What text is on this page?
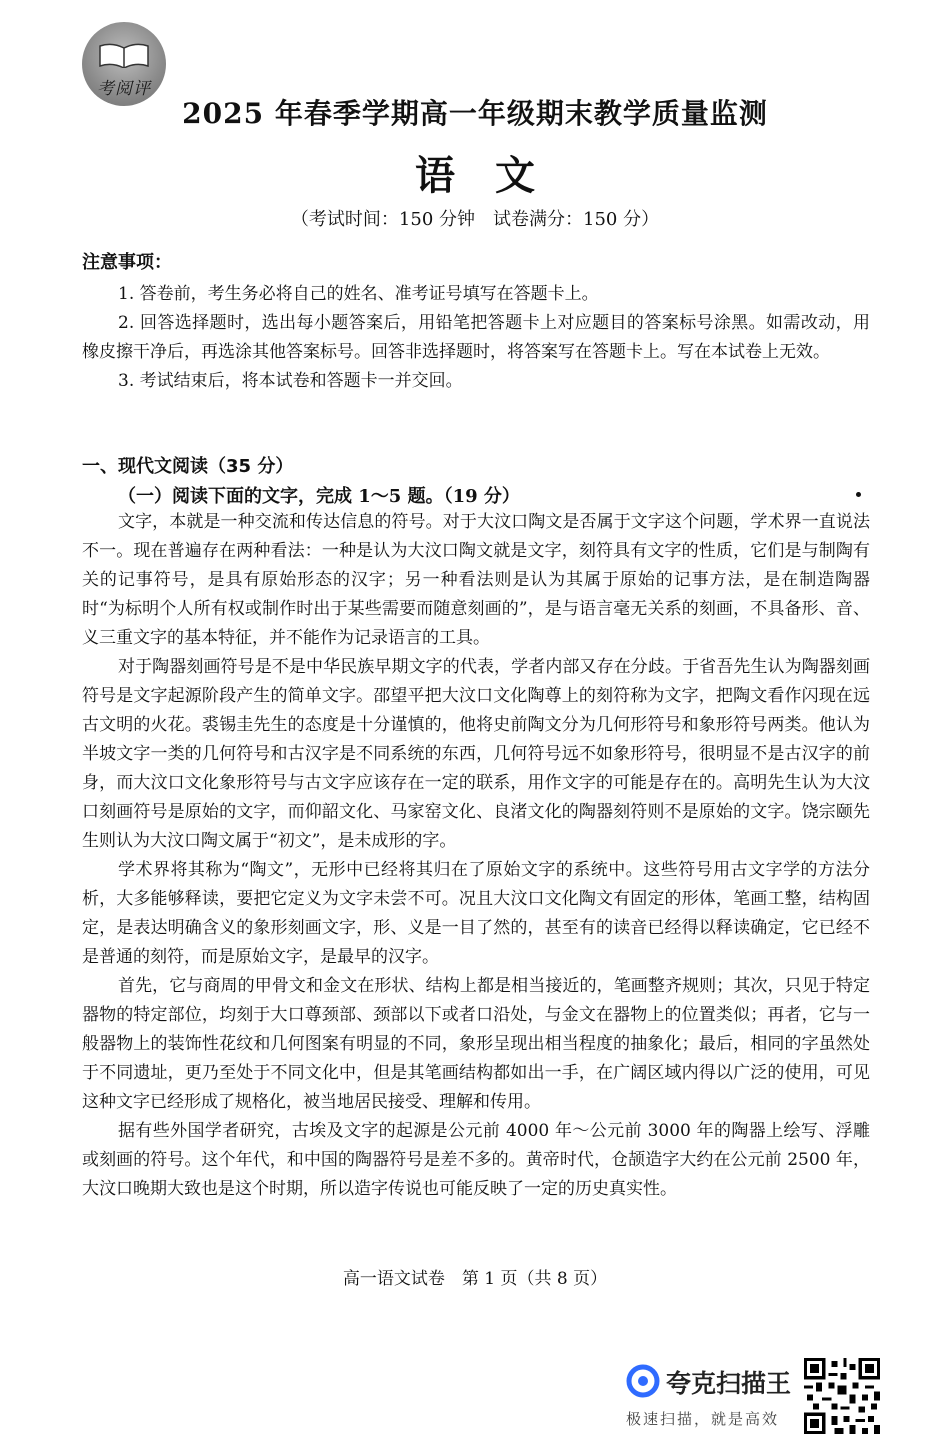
考阅评
2025 年春季学期高一年级期末教学质量监测
语文
（考试时间：150 分钟　试卷满分：150 分）
注意事项：

1. 答卷前，考生务必将自己的姓名、准考证号填写在答题卡上。

2. 回答选择题时，选出每小题答案后，用铅笔把答题卡上对应题目的答案标号涂黑。如需改动，用橡皮擦干净后，再选涂其他答案标号。回答非选择题时，将答案写在答题卡上。写在本试卷上无效。

3. 考试结束后，将本试卷和答题卡一并交回。

一、现代文阅读（35 分）
（一）阅读下面的文字，完成 1～5 题。（19 分）

文字，本就是一种交流和传达信息的符号。对于大汶口陶文是否属于文字这个问题，学术界一直说法不一。现在普遍存在两种看法：一种是认为大汶口陶文就是文字，刻符具有文字的性质，它们是与制陶有关的记事符号，是具有原始形态的汉字；另一种看法则是认为其属于原始的记事方法，是在制造陶器时“为标明个人所有权或制作时出于某些需要而随意刻画的”，是与语言毫无关系的刻画，不具备形、音、义三重文字的基本特征，并不能作为记录语言的工具。

对于陶器刻画符号是不是中华民族早期文字的代表，学者内部又存在分歧。于省吾先生认为陶器刻画符号是文字起源阶段产生的简单文字。邵望平把大汶口文化陶尊上的刻符称为文字，把陶文看作闪现在远古文明的火花。裘锡圭先生的态度是十分谨慎的，他将史前陶文分为几何形符号和象形符号两类。他认为半坡文字一类的几何符号和古汉字是不同系统的东西，几何符号远不如象形符号，很明显不是古汉字的前身，而大汶口文化象形符号与古文字应该存在一定的联系，用作文字的可能是存在的。高明先生认为大汶口刻画符号是原始的文字，而仰韶文化、马家窑文化、良渚文化的陶器刻符则不是原始的文字。饶宗颐先生则认为大汶口陶文属于“初文”，是未成形的字。

学术界将其称为“陶文”，无形中已经将其归在了原始文字的系统中。这些符号用古文字学的方法分析，大多能够释读，要把它定义为文字未尝不可。况且大汶口文化陶文有固定的形体，笔画工整，结构固定，是表达明确含义的象形刻画文字，形、义是一目了然的，甚至有的读音已经得以释读确定，它已经不是普通的刻符，而是原始文字，是最早的汉字。

首先，它与商周的甲骨文和金文在形状、结构上都是相当接近的，笔画整齐规则；其次，只见于特定器物的特定部位，均刻于大口尊颈部、颈部以下或者口沿处，与金文在器物上的位置类似；再者，它与一般器物上的装饰性花纹和几何图案有明显的不同，象形呈现出相当程度的抽象化；最后，相同的字虽然处于不同遗址，更乃至处于不同文化中，但是其笔画结构都如出一手，在广阔区域内得以广泛的使用，可见这种文字已经形成了规格化，被当地居民接受、理解和传用。

据有些外国学者研究，古埃及文字的起源是公元前 4000 年～公元前 3000 年的陶器上绘写、浮雕或刻画的符号。这个年代，和中国的陶器符号是差不多的。黄帝时代，仓颉造字大约在公元前 2500 年，大汶口晚期大致也是这个时期，所以造字传说也可能反映了一定的历史真实性。

高一语文试卷　第 1 页（共 8 页）
夸克扫描王
极速扫描，就是高效
